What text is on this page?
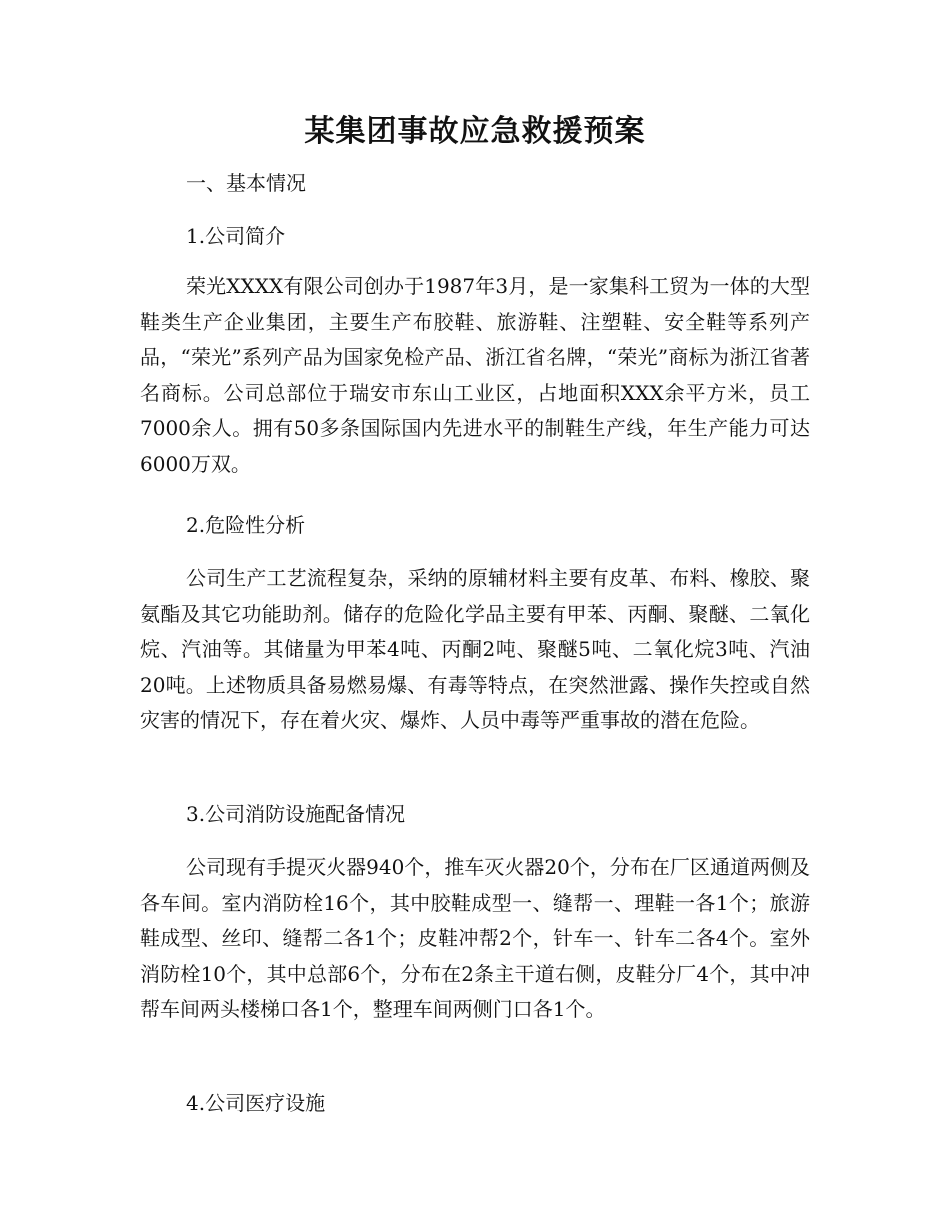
某集团事故应急救援预案
一、基本情况
1.公司简介
荣光XXXX有限公司创办于1987年3月，是一家集科工贸为一体的大型鞋类生产企业集团，主要生产布胶鞋、旅游鞋、注塑鞋、安全鞋等系列产品，“荣光”系列产品为国家免检产品、浙江省名牌，“荣光”商标为浙江省著名商标。公司总部位于瑞安市东山工业区，占地面积XXX余平方米，员工7000余人。拥有50多条国际国内先进水平的制鞋生产线，年生产能力可达6000万双。
2.危险性分析
公司生产工艺流程复杂，采纳的原辅材料主要有皮革、布料、橡胶、聚氨酯及其它功能助剂。储存的危险化学品主要有甲苯、丙酮、聚醚、二氧化烷、汽油等。其储量为甲苯4吨、丙酮2吨、聚醚5吨、二氧化烷3吨、汽油20吨。上述物质具备易燃易爆、有毒等特点，在突然泄露、操作失控或自然灾害的情况下，存在着火灾、爆炸、人员中毒等严重事故的潜在危险。
3.公司消防设施配备情况
公司现有手提灭火器940个，推车灭火器20个，分布在厂区通道两侧及各车间。室内消防栓16个，其中胶鞋成型一、缝帮一、理鞋一各1个；旅游鞋成型、丝印、缝帮二各1个；皮鞋冲帮2个，针车一、针车二各4个。室外消防栓10个，其中总部6个，分布在2条主干道右侧，皮鞋分厂4个，其中冲帮车间两头楼梯口各1个，整理车间两侧门口各1个。
4.公司医疗设施
